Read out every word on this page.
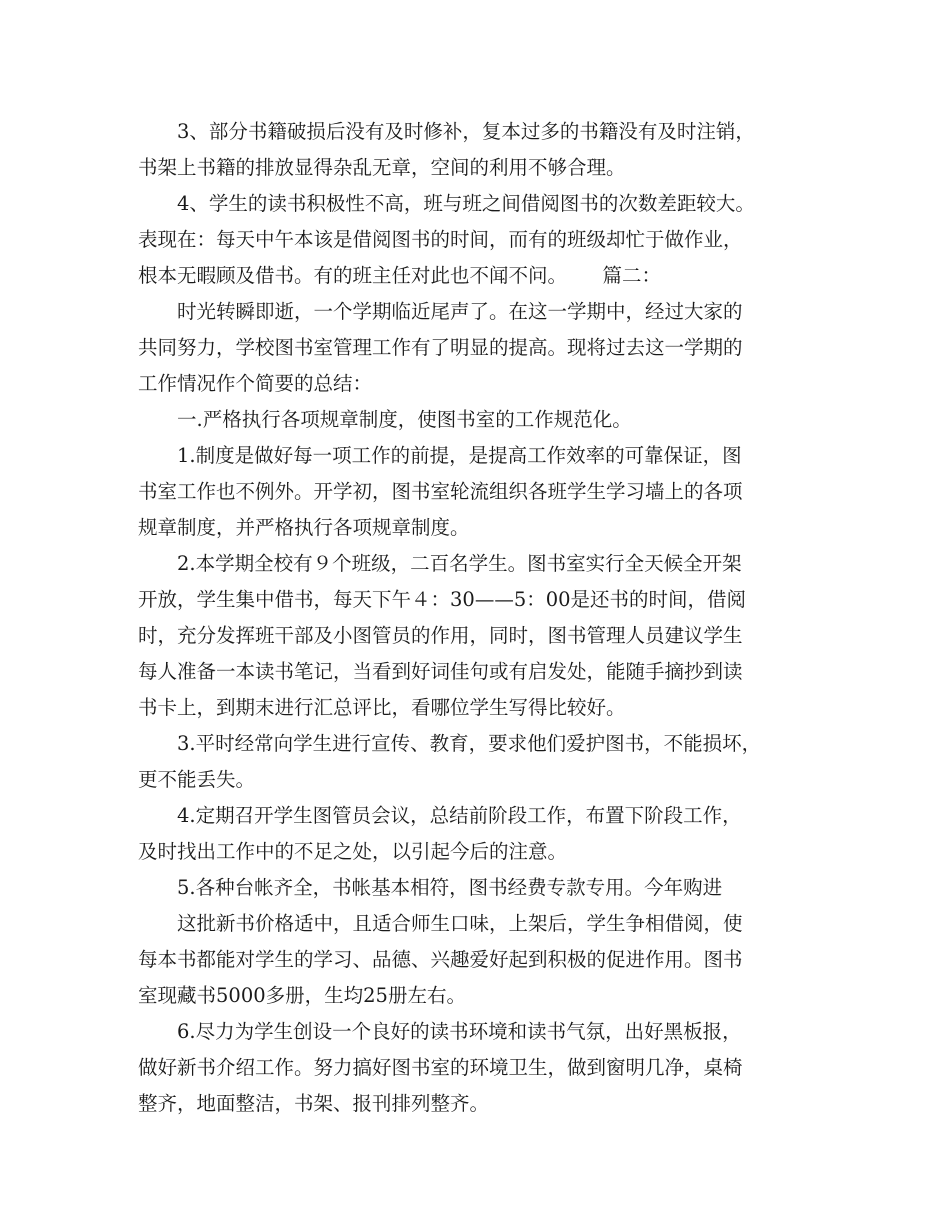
3、部分书籍破损后没有及时修补，复本过多的书籍没有及时注销，
书架上书籍的排放显得杂乱无章，空间的利用不够合理。
4、学生的读书积极性不高，班与班之间借阅图书的次数差距较大。
表现在：每天中午本该是借阅图书的时间，而有的班级却忙于做作业，
根本无暇顾及借书。有的班主任对此也不闻不问。　　 篇二：
时光转瞬即逝，一个学期临近尾声了。在这一学期中，经过大家的
共同努力，学校图书室管理工作有了明显的提高。现将过去这一学期的
工作情况作个简要的总结：
一.严格执行各项规章制度，使图书室的工作规范化。
1.制度是做好每一项工作的前提，是提高工作效率的可靠保证，图
书室工作也不例外。开学初，图书室轮流组织各班学生学习墙上的各项
规章制度，并严格执行各项规章制度。
2.本学期全校有９个班级，二百名学生。图书室实行全天候全开架
开放，学生集中借书，每天下午４：30——5：00是还书的时间，借阅
时，充分发挥班干部及小图管员的作用，同时，图书管理人员建议学生
每人准备一本读书笔记，当看到好词佳句或有启发处，能随手摘抄到读
书卡上，到期末进行汇总评比，看哪位学生写得比较好。
3.平时经常向学生进行宣传、教育，要求他们爱护图书，不能损坏，
更不能丢失。
4.定期召开学生图管员会议，总结前阶段工作，布置下阶段工作，
及时找出工作中的不足之处，以引起今后的注意。
5.各种台帐齐全，书帐基本相符，图书经费专款专用。今年购进
这批新书价格适中，且适合师生口味，上架后，学生争相借阅，使
每本书都能对学生的学习、品德、兴趣爱好起到积极的促进作用。图书
室现藏书5000多册，生均25册左右。
6.尽力为学生创设一个良好的读书环境和读书气氛，出好黑板报，
做好新书介绍工作。努力搞好图书室的环境卫生，做到窗明几净，桌椅
整齐，地面整洁，书架、报刊排列整齐。
